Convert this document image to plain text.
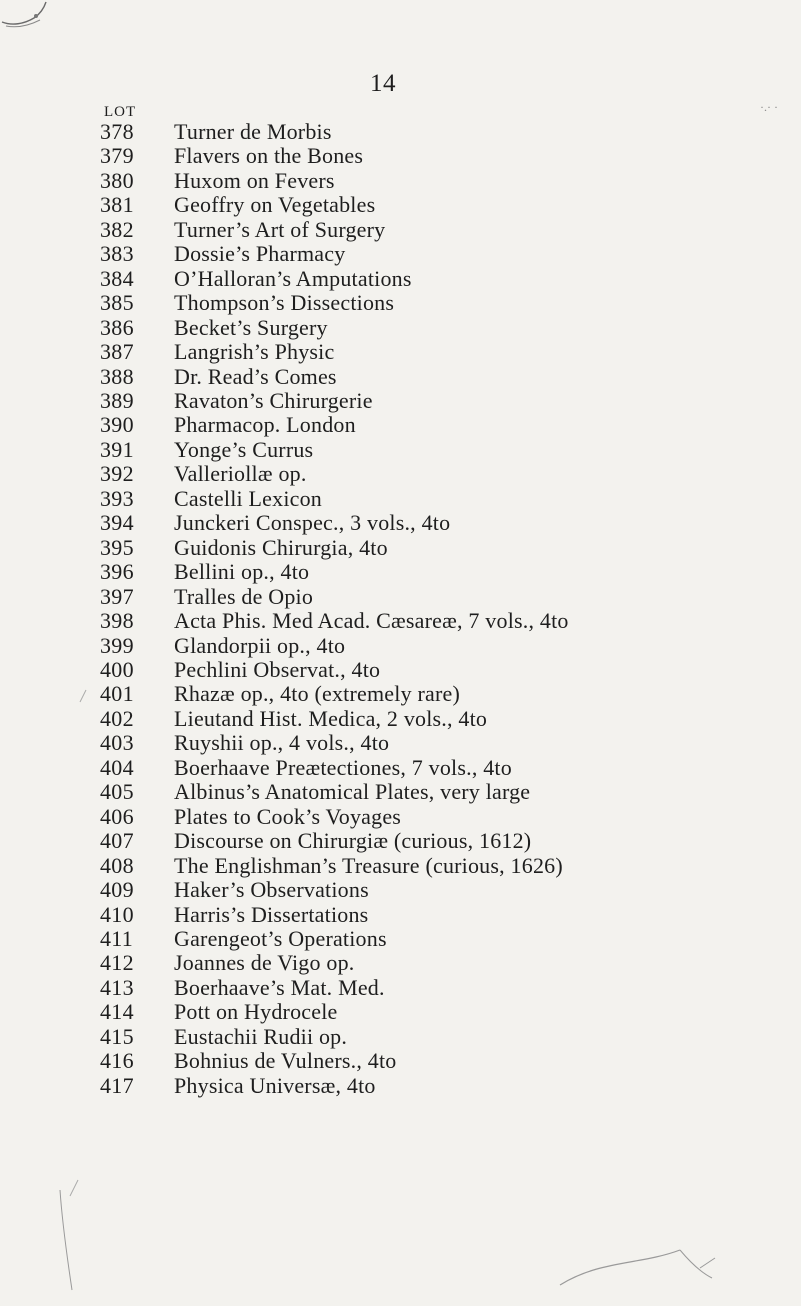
14
LOT	·.· ·
378	Turner de Morbis
379	Flavers on the Bones
380	Huxom on Fevers
381	Geoffry on Vegetables
382	Turner’s Art of Surgery
383	Dossie’s Pharmacy
384	O’Halloran’s Amputations
385	Thompson’s Dissections
386	Becket’s Surgery
387	Langrish’s Physic
388	Dr. Read’s Comes
389	Ravaton’s Chirurgerie
390	Pharmacop. London
391	Yonge’s Currus
392	Valleriollæ op.
393	Castelli Lexicon
394	Junckeri Conspec., 3 vols., 4to
395	Guidonis Chirurgia, 4to
396	Bellini op., 4to
397	Tralles de Opio
398	Acta Phis. Med Acad. Cæsareæ, 7 vols., 4to
399	Glandorpii op., 4to
400	Pechlini Observat., 4to
401	Rhazæ op., 4to (extremely rare)
402	Lieutand Hist. Medica, 2 vols., 4to
403	Ruyshii op., 4 vols., 4to
404	Boerhaave Preætectiones, 7 vols., 4to
405	Albinus’s Anatomical Plates, very large
406	Plates to Cook’s Voyages
407	Discourse on Chirurgiæ (curious, 1612)
408	The Englishman’s Treasure (curious, 1626)
409	Haker’s Observations
410	Harris’s Dissertations
411	Garengeot’s Operations
412	Joannes de Vigo op.
413	Boerhaave’s Mat. Med.
414	Pott on Hydrocele
415	Eustachii Rudii op.
416	Bohnius de Vulners., 4to
417	Physica Universæ, 4to
